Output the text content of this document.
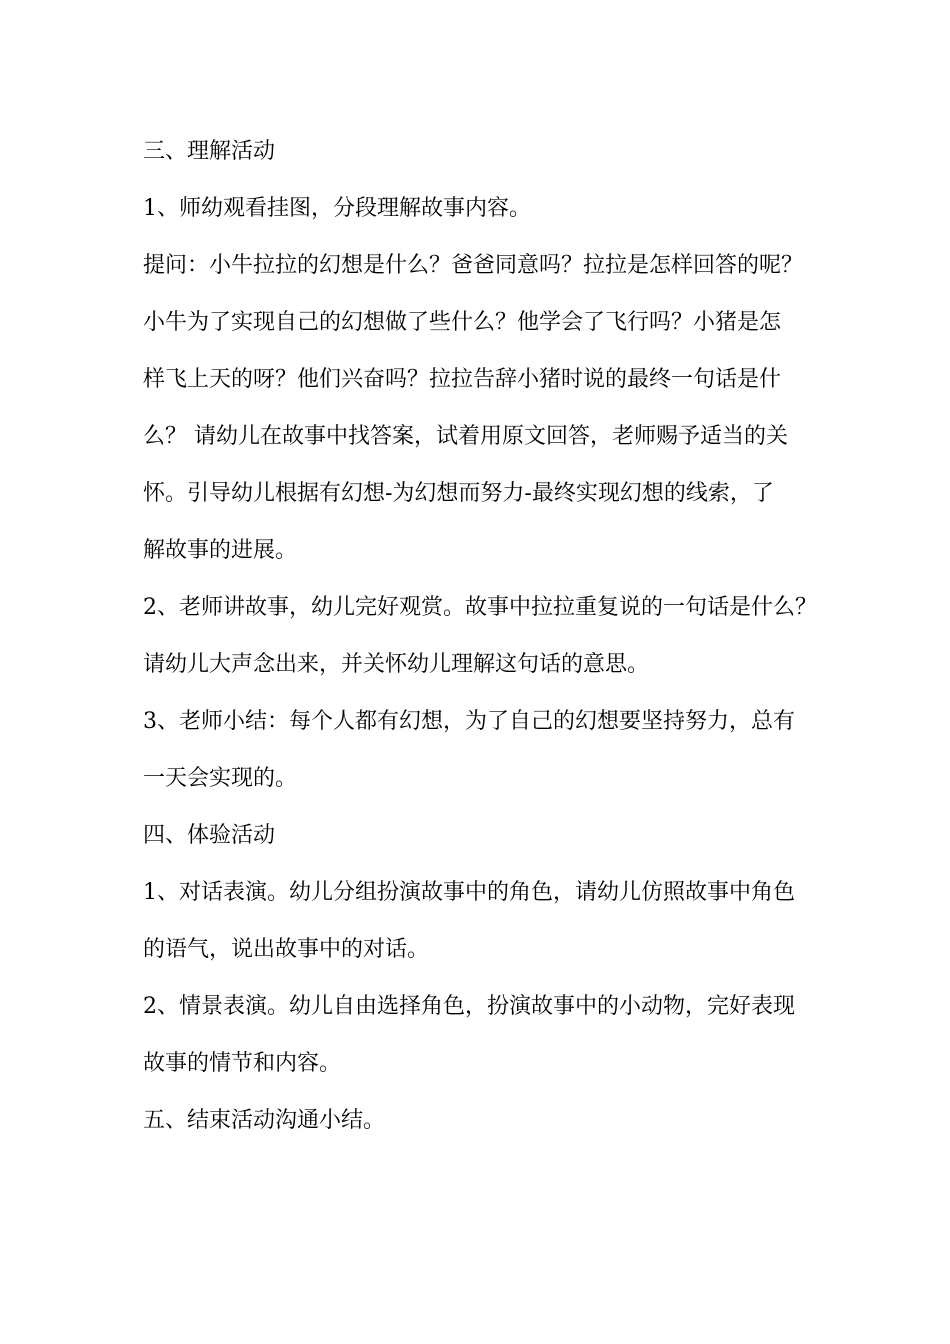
三、理解活动
1、师幼观看挂图，分段理解故事内容。
提问：小牛拉拉的幻想是什么？爸爸同意吗？拉拉是怎样回答的呢？
小牛为了实现自己的幻想做了些什么？他学会了飞行吗？小猪是怎
样飞上天的呀？他们兴奋吗？拉拉告辞小猪时说的最终一句话是什
么？ 请幼儿在故事中找答案，试着用原文回答，老师赐予适当的关
怀。引导幼儿根据有幻想-为幻想而努力-最终实现幻想的线索，了
解故事的进展。
2、老师讲故事，幼儿完好观赏。故事中拉拉重复说的一句话是什么？
请幼儿大声念出来，并关怀幼儿理解这句话的意思。
3、老师小结：每个人都有幻想，为了自己的幻想要坚持努力，总有
一天会实现的。
四、体验活动
1、对话表演。幼儿分组扮演故事中的角色，请幼儿仿照故事中角色
的语气，说出故事中的对话。
2、情景表演。幼儿自由选择角色，扮演故事中的小动物，完好表现
故事的情节和内容。
五、结束活动沟通小结。
